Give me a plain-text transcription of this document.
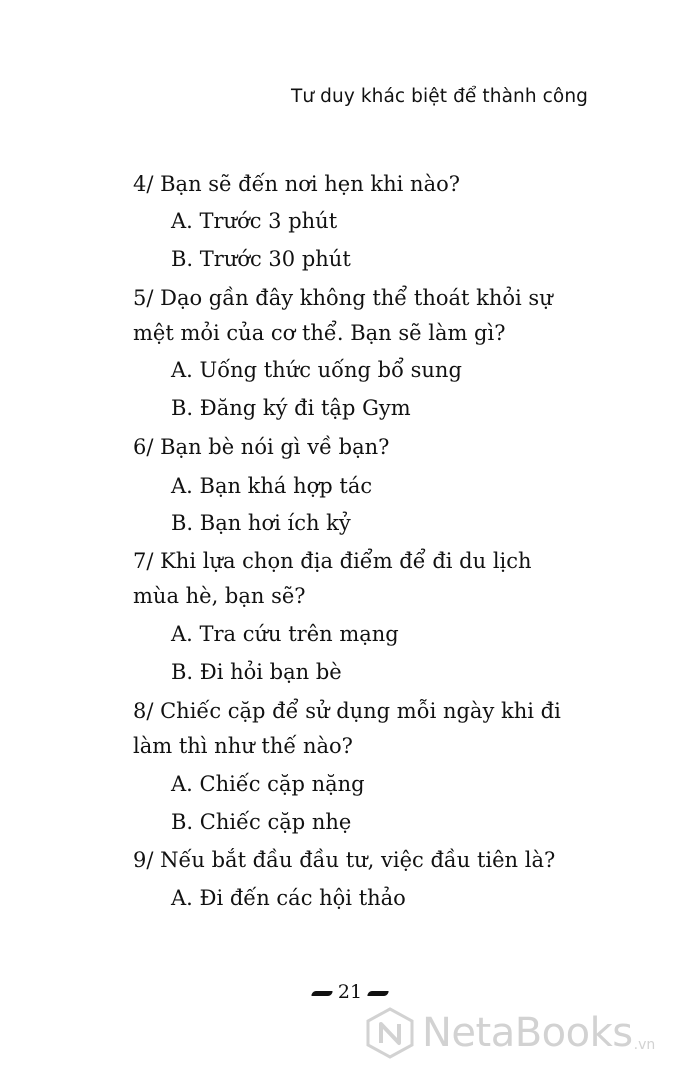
Tư duy khác biệt để thành công
4/ Bạn sẽ đến nơi hẹn khi nào?
A. Trước 3 phút
B. Trước 30 phút
5/ Dạo gần đây không thể thoát khỏi sự mệt mỏi của cơ thể. Bạn sẽ làm gì?
A. Uống thức uống bổ sung
B. Đăng ký đi tập Gym
6/ Bạn bè nói gì về bạn?
A. Bạn khá hợp tác
B. Bạn hơi ích kỷ
7/ Khi lựa chọn địa điểm để đi du lịch mùa hè, bạn sẽ?
A. Tra cứu trên mạng
B. Đi hỏi bạn bè
8/ Chiếc cặp để sử dụng mỗi ngày khi đi làm thì như thế nào?
A. Chiếc cặp nặng
B. Chiếc cặp nhẹ
9/ Nếu bắt đầu đầu tư, việc đầu tiên là?
A. Đi đến các hội thảo
21
NetaBooks .vn
